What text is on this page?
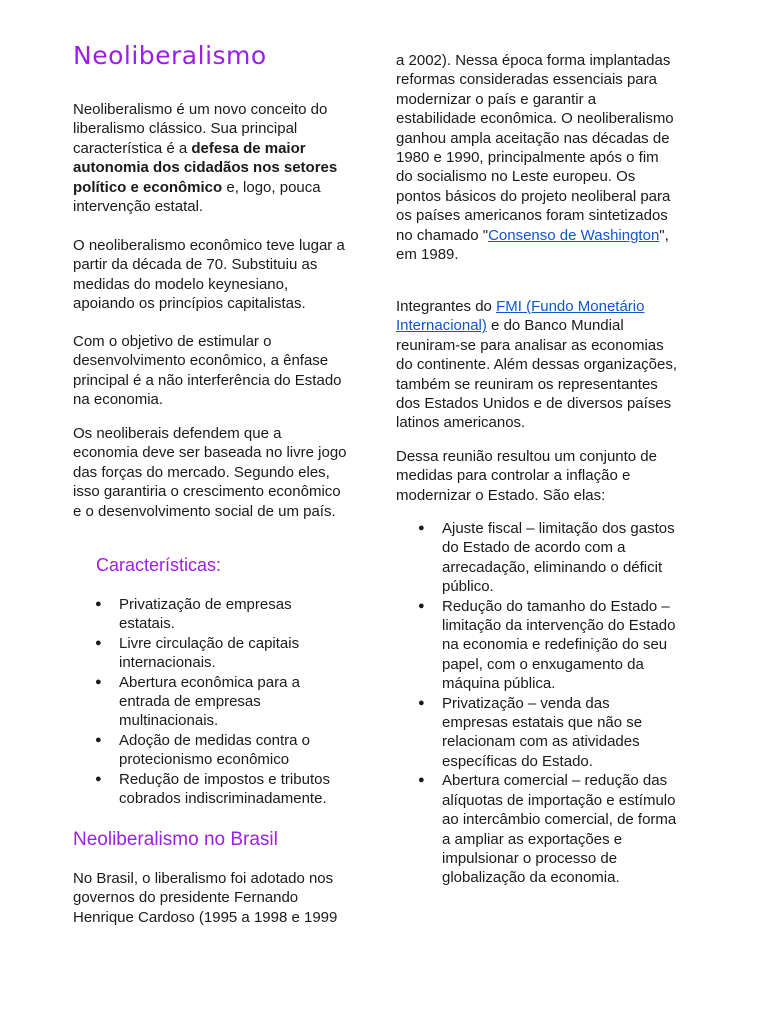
Neoliberalismo

Neoliberalismo é um novo conceito do liberalismo clássico. Sua principal característica é a defesa de maior autonomia dos cidadãos nos setores político e econômico e, logo, pouca intervenção estatal.

O neoliberalismo econômico teve lugar a partir da década de 70. Substituiu as medidas do modelo keynesiano, apoiando os princípios capitalistas.

Com o objetivo de estimular o desenvolvimento econômico, a ênfase principal é a não interferência do Estado na economia.

Os neoliberais defendem que a economia deve ser baseada no livre jogo das forças do mercado. Segundo eles, isso garantiria o crescimento econômico e o desenvolvimento social de um país.

Características:
● Privatização de empresas estatais.
● Livre circulação de capitais internacionais.
● Abertura econômica para a entrada de empresas multinacionais.
● Adoção de medidas contra o protecionismo econômico
● Redução de impostos e tributos cobrados indiscriminadamente.
Neoliberalismo no Brasil

No Brasil, o liberalismo foi adotado nos governos do presidente Fernando Henrique Cardoso (1995 a 1998 e 1999

a 2002). Nessa época forma implantadas reformas consideradas essenciais para modernizar o país e garantir a estabilidade econômica. O neoliberalismo ganhou ampla aceitação nas décadas de 1980 e 1990, principalmente após o fim do socialismo no Leste europeu. Os pontos básicos do projeto neoliberal para os países americanos foram sintetizados no chamado "Consenso de Washington", em 1989.

Integrantes do FMI (Fundo Monetário Internacional) e do Banco Mundial reuniram-se para analisar as economias do continente. Além dessas organizações, também se reuniram os representantes dos Estados Unidos e de diversos países latinos americanos.

Dessa reunião resultou um conjunto de medidas para controlar a inflação e modernizar o Estado. São elas:

● Ajuste fiscal – limitação dos gastos do Estado de acordo com a arrecadação, eliminando o déficit público.
● Redução do tamanho do Estado – limitação da intervenção do Estado na economia e redefinição do seu papel, com o enxugamento da máquina pública.
● Privatização – venda das empresas estatais que não se relacionam com as atividades específicas do Estado.
● Abertura comercial – redução das alíquotas de importação e estímulo ao intercâmbio comercial, de forma a ampliar as exportações e impulsionar o processo de globalização da economia.
